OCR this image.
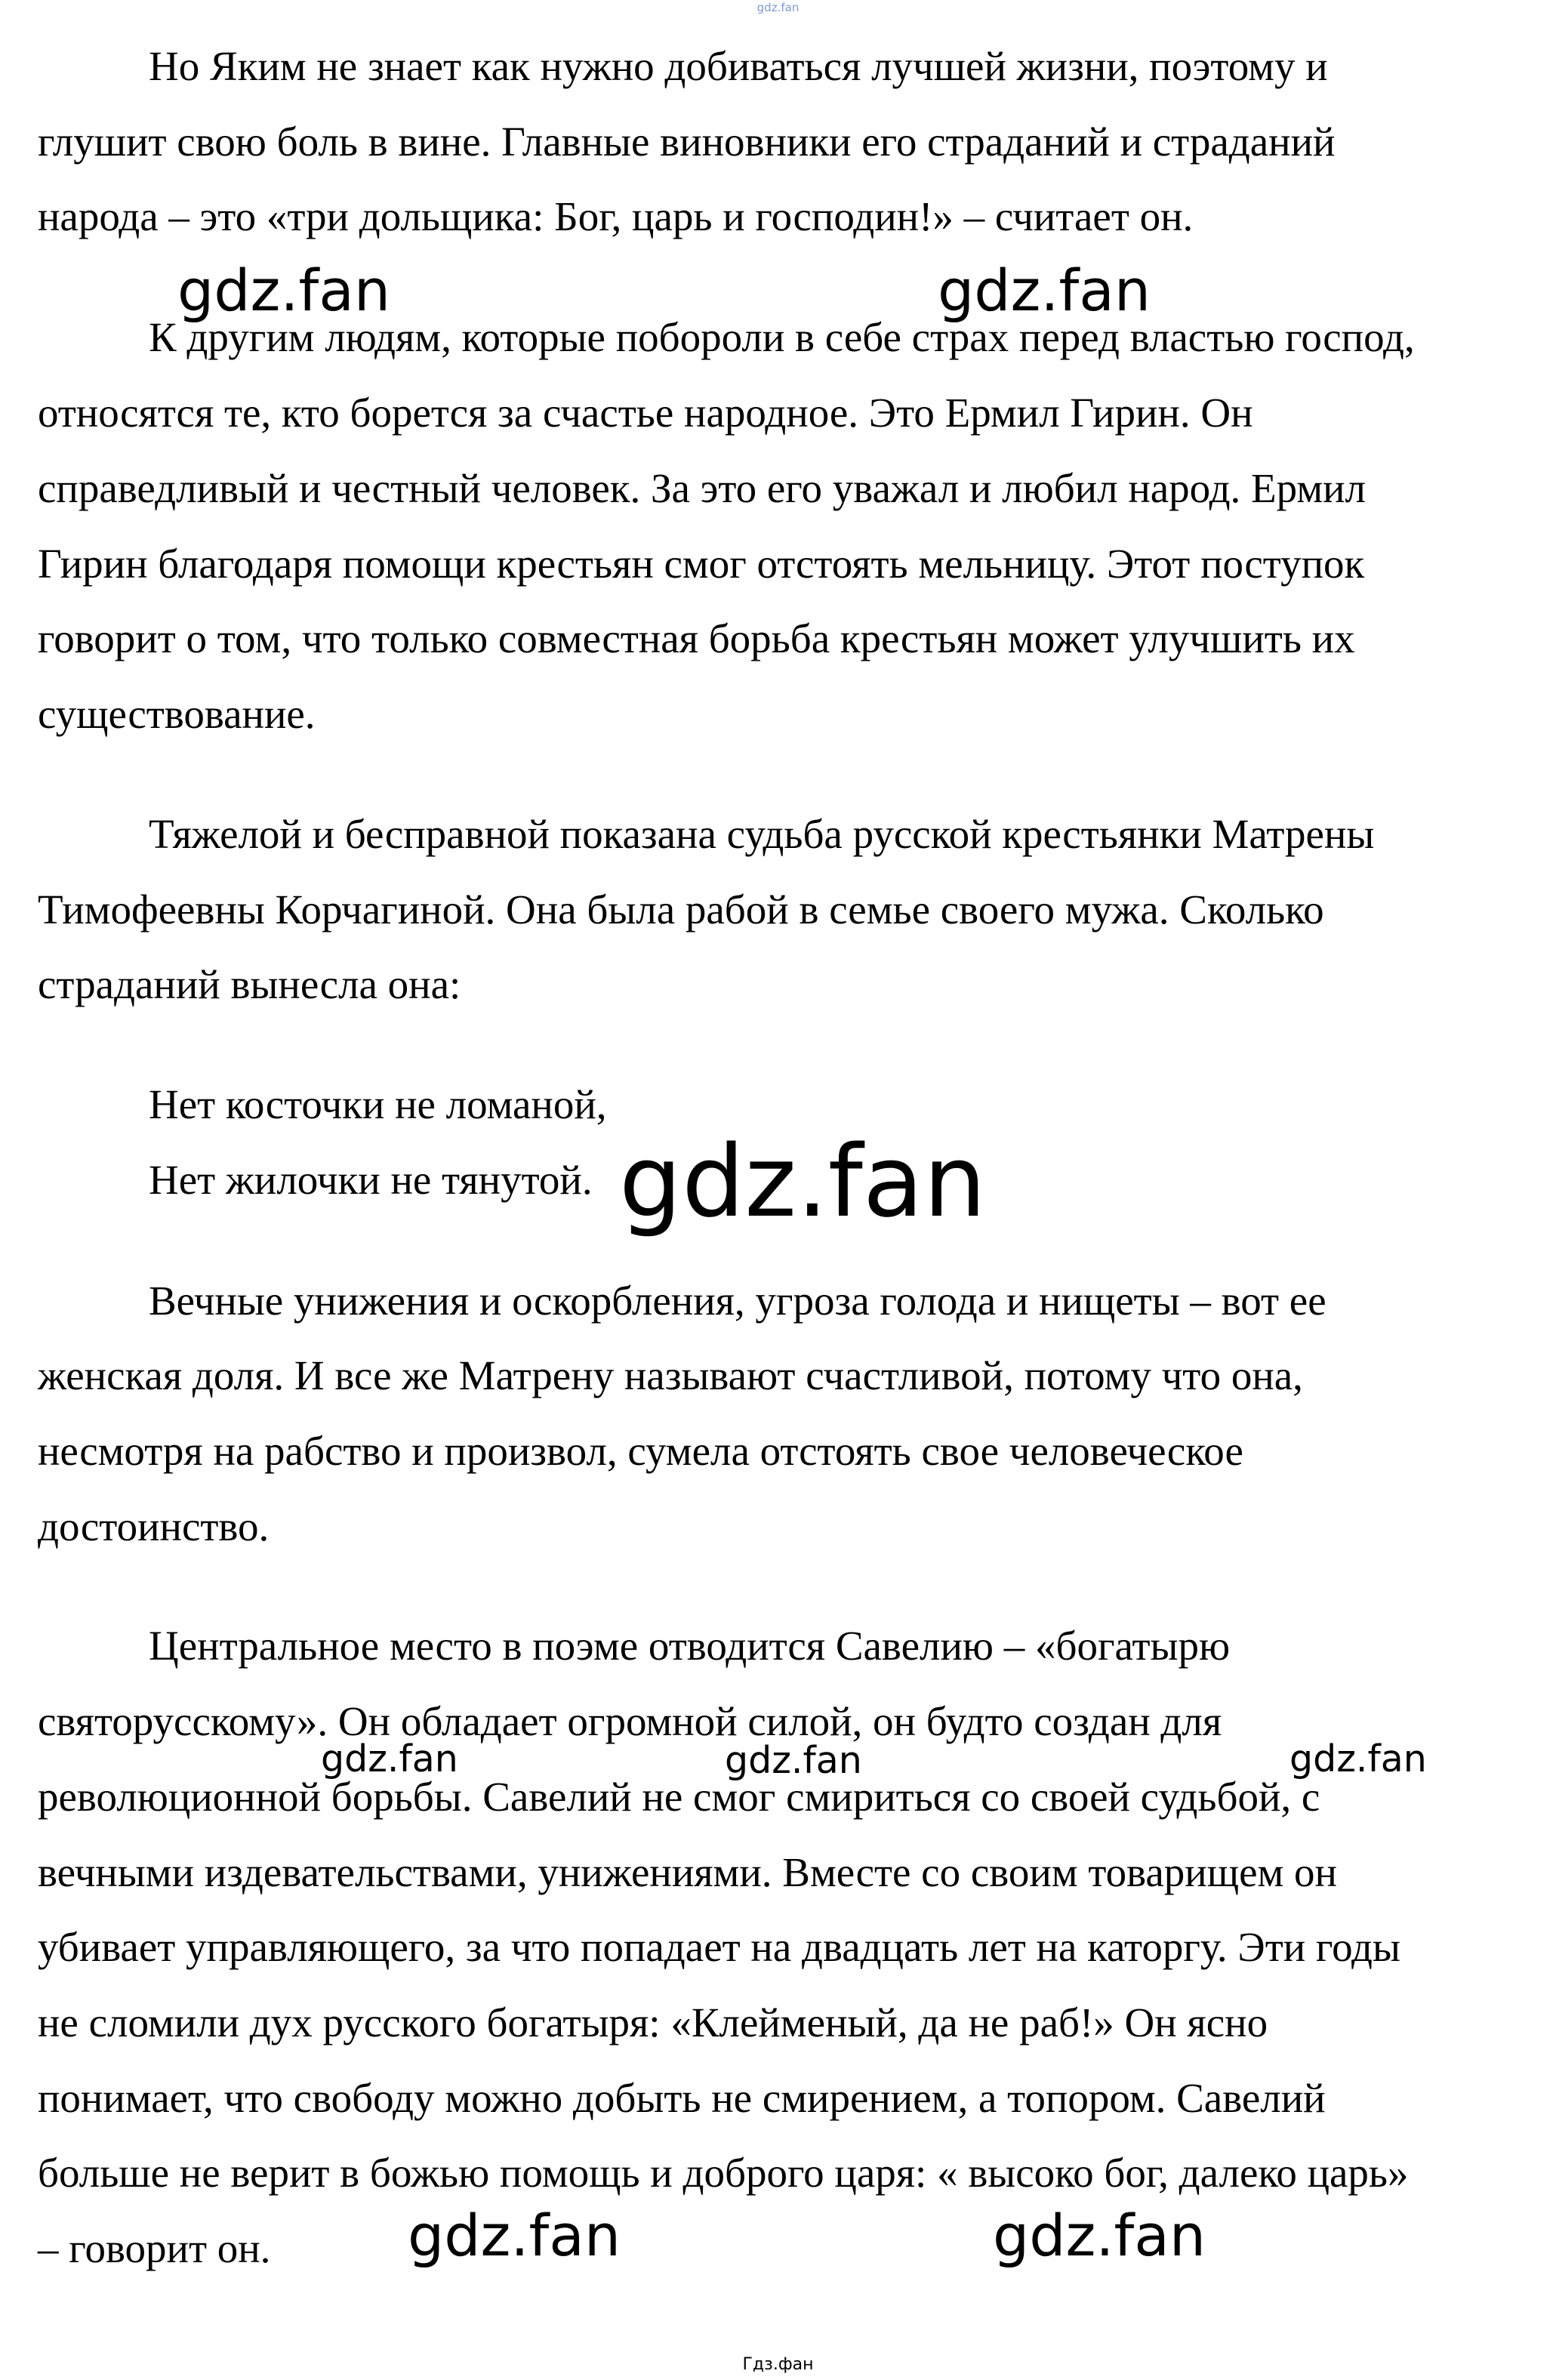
gdz.fan

Но Яким не знает как нужно добиваться лучшей жизни, поэтому и

глушит свою боль в вине. Главные виновники его страданий и страданий

народа – это «три дольщика: Бог, царь и господин!» – считает он.

К другим людям, которые побороли в себе страх перед властью господ,

относятся те, кто борется за счастье народное. Это Ермил Гирин. Он

справедливый и честный человек. За это его уважал и любил народ. Ермил

Гирин благодаря помощи крестьян смог отстоять мельницу. Этот поступок

говорит о том, что только совместная борьба крестьян может улучшить их

существование.

Тяжелой и бесправной показана судьба русской крестьянки Матрены

Тимофеевны Корчагиной. Она была рабой в семье своего мужа. Сколько

страданий вынесла она:

Нет косточки не ломаной,

Нет жилочки не тянутой.

Вечные унижения и оскорбления, угроза голода и нищеты – вот ее

женская доля. И все же Матрену называют счастливой, потому что она,

несмотря на рабство и произвол, сумела отстоять свое человеческое

достоинство.

Центральное место в поэме отводится Савелию – «богатырю

святорусскому». Он обладает огромной силой, он будто создан для

революционной борьбы. Савелий не смог смириться со своей судьбой, с

вечными издевательствами, унижениями. Вместе со своим товарищем он

убивает управляющего, за что попадает на двадцать лет на каторгу. Эти годы

не сломили дух русского богатыря: «Клейменый, да не раб!» Он ясно

понимает, что свободу можно добыть не смирением, а топором. Савелий

больше не верит в божью помощь и доброго царя: « высоко бог, далеко царь»

– говорит он.

gdz.fan	gdz.fan
gdz.fan
gdz.fan	gdz.fan	gdz.fan
gdz.fan	gdz.fan
Гдз.фан
